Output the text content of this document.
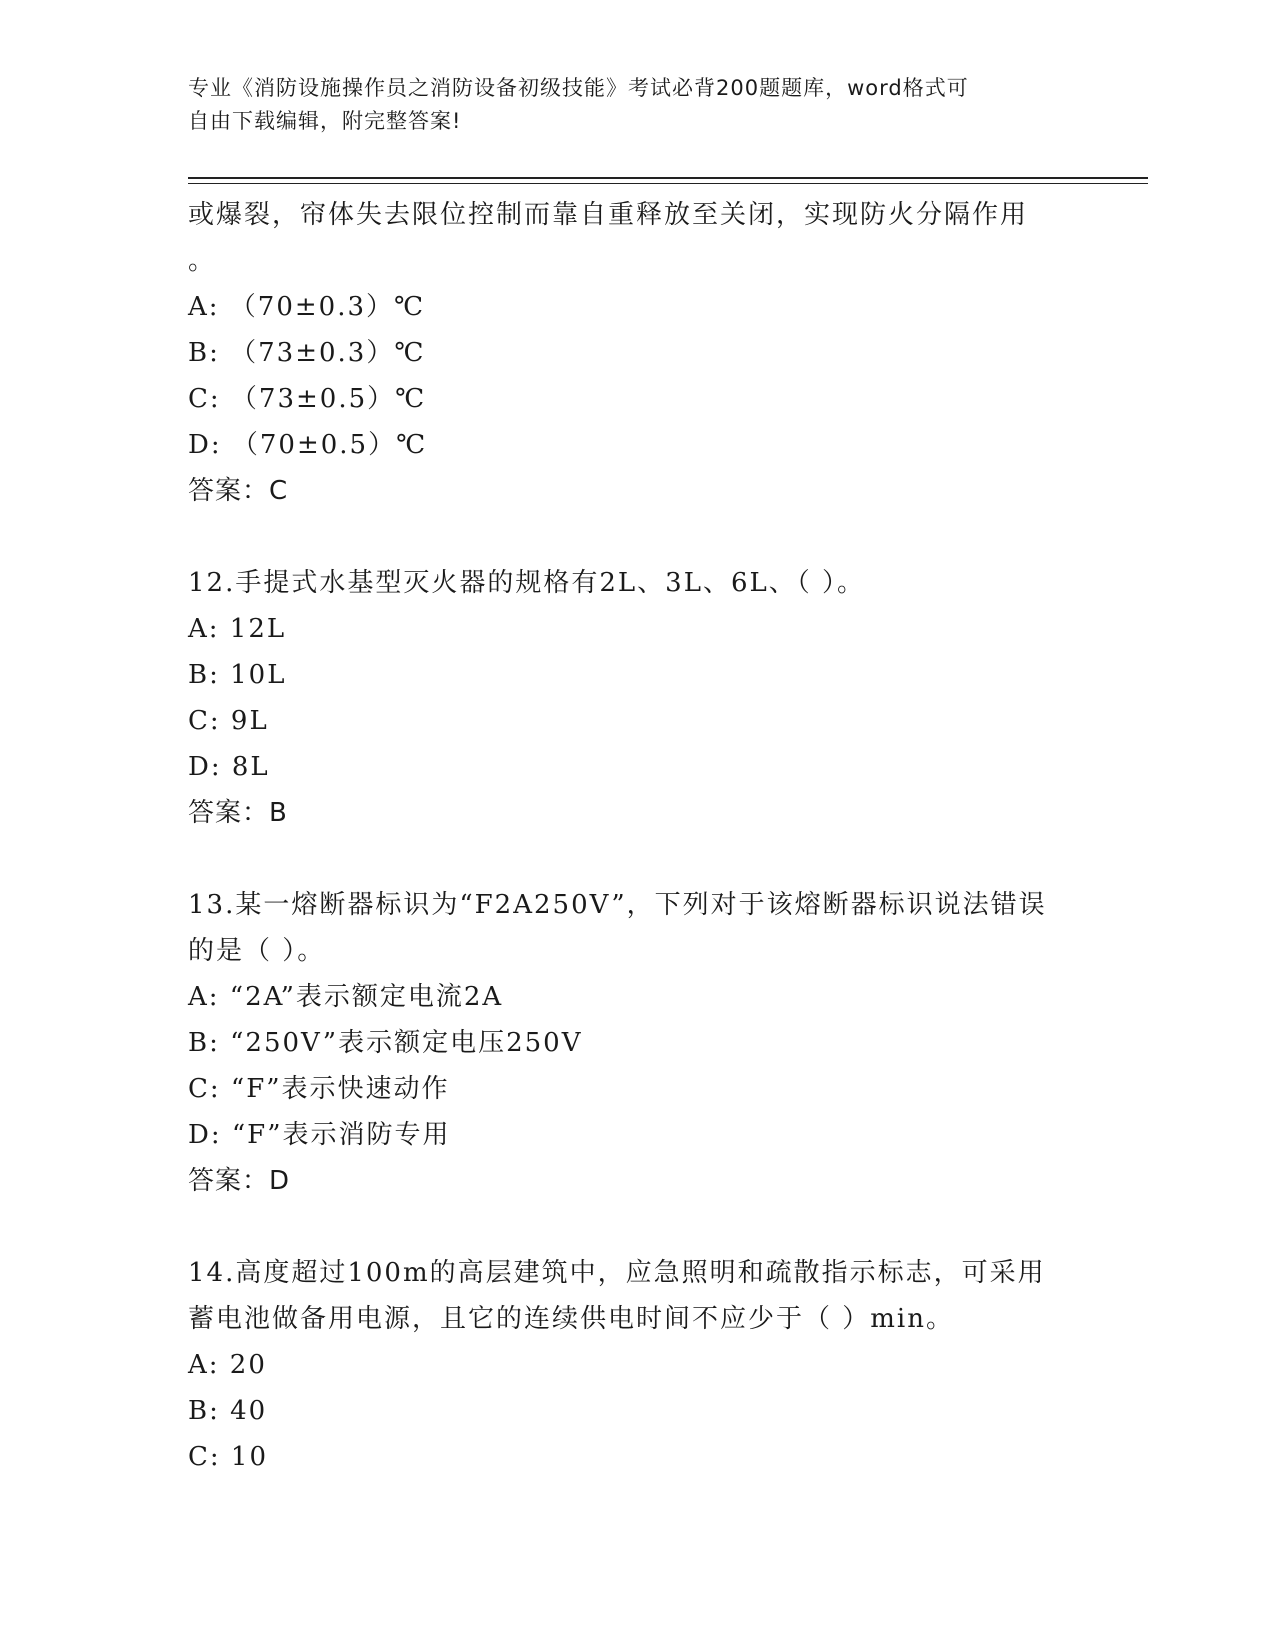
专业《消防设施操作员之消防设备初级技能》考试必背200题题库，word格式可
自由下载编辑，附完整答案!
或爆裂，帘体失去限位控制而靠自重释放至关闭，实现防火分隔作用
。
A: （70±0.3）℃
B: （73±0.3）℃
C: （73±0.5）℃
D: （70±0.5）℃
答案：C
12.手提式水基型灭火器的规格有2L、3L、6L、（ ）。
A: 12L
B: 10L
C: 9L
D: 8L
答案：B
13.某一熔断器标识为“F2A250V”，下列对于该熔断器标识说法错误
的是（ ）。
A: “2A”表示额定电流2A
B: “250V”表示额定电压250V
C: “F”表示快速动作
D: “F”表示消防专用
答案：D
14.高度超过100m的高层建筑中，应急照明和疏散指示标志，可采用
蓄电池做备用电源，且它的连续供电时间不应少于（ ）min。
A: 20
B: 40
C: 10
